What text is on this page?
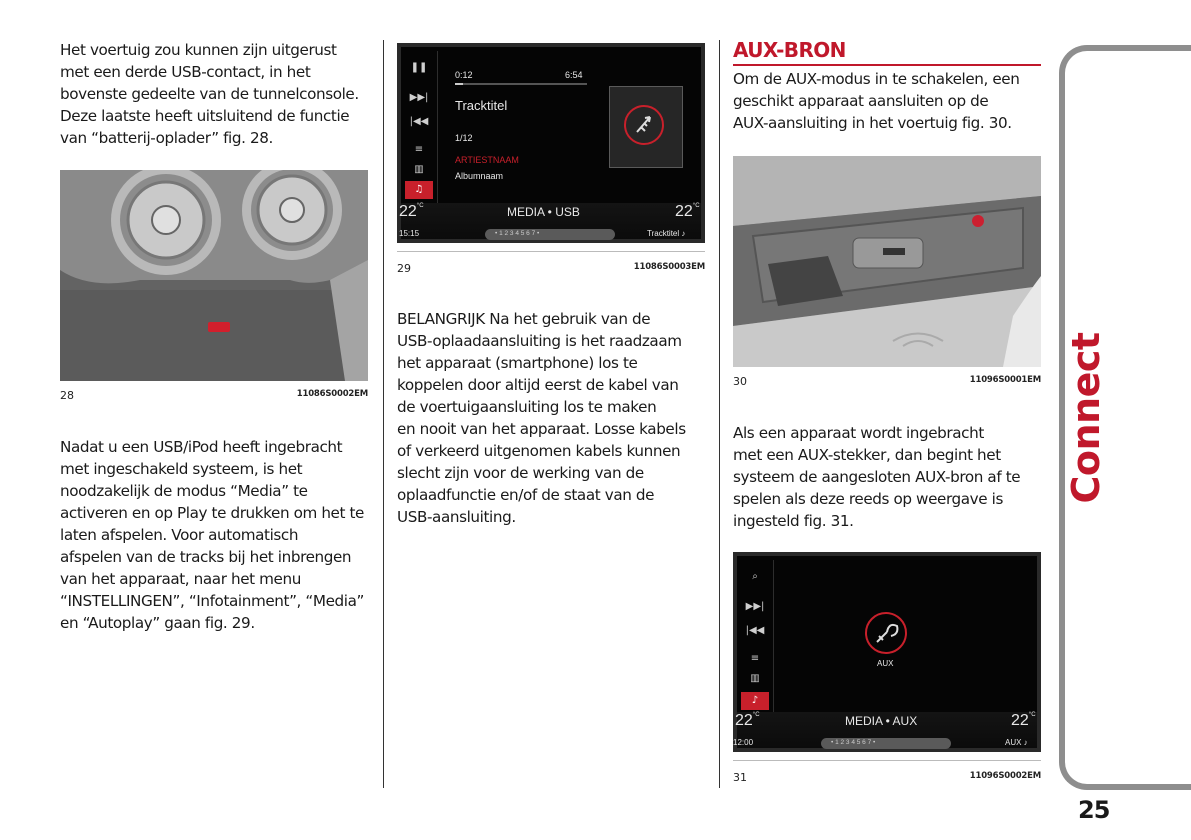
Connect
25

Het voertuig zou kunnen zijn uitgerust
met een derde USB-contact, in het
bovenste gedeelte van de tunnelconsole.
Deze laatste heeft uitsluitend de functie
van “batterij-oplader” fig. 28.

28	11086S0002EM

Nadat u een USB/iPod heeft ingebracht
met ingeschakeld systeem, is het
noodzakelijk de modus “Media” te
activeren en op Play te drukken om het te
laten afspelen. Voor automatisch
afspelen van de tracks bij het inbrengen
van het apparaat, naar het menu
“INSTELLINGEN”, “Infotainment”, “Media”
en “Autoplay” gaan fig. 29.

❚❚
▶▶|
|◀◀
≡
▥
♫
0:12	6:54
Tracktitel
1/12
ARTIESTNAAM
Albumnaam
$22^{^\circ C}$	MEDIA • USB	$22^{^\circ C}$
15:15	• 1 2 3 4 5 6 7 •	Tracktitel ♪
29	11086S0003EM

BELANGRIJK Na het gebruik van de
USB-oplaadaansluiting is het raadzaam
het apparaat (smartphone) los te
koppelen door altijd eerst de kabel van
de voertuigaansluiting los te maken
en nooit van het apparaat. Losse kabels
of verkeerd uitgenomen kabels kunnen
slecht zijn voor de werking van de
oplaadfunctie en/of de staat van de
USB-aansluiting.

AUX-BRON

Om de AUX-modus in te schakelen, een
geschikt apparaat aansluiten op de
AUX-aansluiting in het voertuig fig. 30.

30	11096S0001EM

Als een apparaat wordt ingebracht
met een AUX-stekker, dan begint het
systeem de aangesloten AUX-bron af te
spelen als deze reeds op weergave is
ingesteld fig. 31.

⌕
▶▶|
|◀◀
≡
▥
♪
AUX
$22^{^\circ C}$	MEDIA • AUX	$22^{^\circ C}$
12:00	• 1 2 3 4 5 6 7 •	AUX ♪
31	11096S0002EM
